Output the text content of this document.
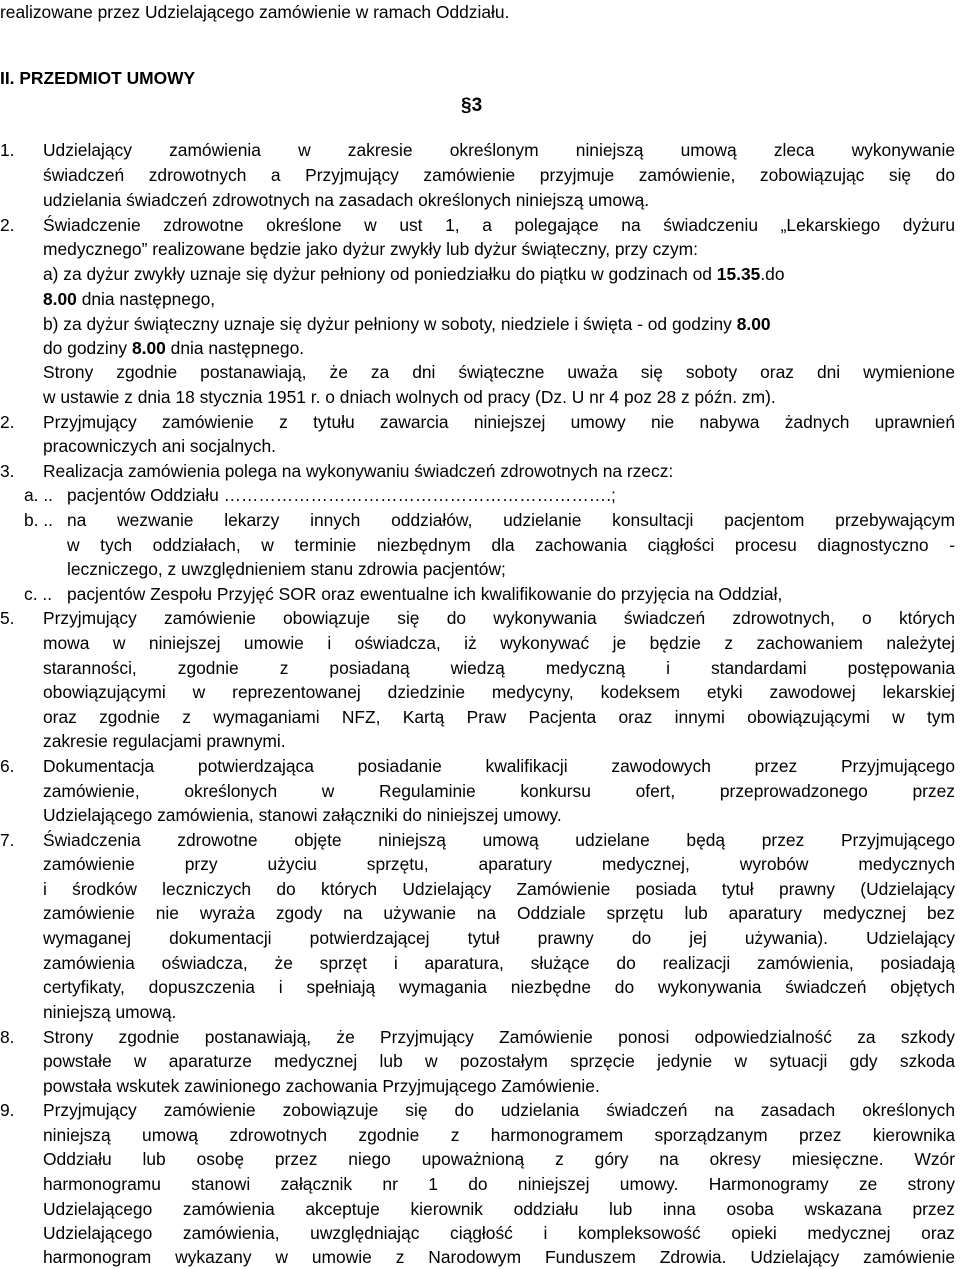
realizowane przez Udzielającego zamówienie w ramach Oddziału.
II. PRZEDMIOT UMOWY
§3
1. Udzielający zamówienia w zakresie określonym niniejszą umową zleca wykonywanie
świadczeń zdrowotnych a Przyjmujący zamówienie przyjmuje zamówienie, zobowiązując się do
udzielania świadczeń zdrowotnych na zasadach określonych niniejszą umową.
2. Świadczenie zdrowotne określone w ust 1, a polegające na świadczeniu „Lekarskiego dyżuru
medycznego” realizowane będzie jako dyżur zwykły lub dyżur świąteczny, przy czym:
a) za dyżur zwykły uznaje się dyżur pełniony od poniedziałku do piątku w godzinach od 15.35.do
8.00 dnia następnego,
b) za dyżur świąteczny uznaje się dyżur pełniony w soboty, niedziele i święta - od godziny 8.00
do godziny 8.00 dnia następnego.
Strony zgodnie postanawiają, że za dni świąteczne uważa się soboty oraz dni wymienione
w ustawie z dnia 18 stycznia 1951 r. o dniach wolnych od pracy (Dz. U nr 4 poz 28 z późn. zm).
2. Przyjmujący zamówienie z tytułu zawarcia niniejszej umowy nie nabywa żadnych uprawnień
pracowniczych ani socjalnych.
3. Realizacja zamówienia polega na wykonywaniu świadczeń zdrowotnych na rzecz:
a. .. pacjentów Oddziału ………………………………………………………….;
b. .. na wezwanie lekarzy innych oddziałów, udzielanie konsultacji pacjentom przebywającym
w tych oddziałach, w terminie niezbędnym dla zachowania ciągłości procesu diagnostyczno -
leczniczego, z uwzględnieniem stanu zdrowia pacjentów;
c. .. pacjentów Zespołu Przyjęć SOR oraz ewentualne ich kwalifikowanie do przyjęcia na Oddział,
5. Przyjmujący zamówienie obowiązuje się do wykonywania świadczeń zdrowotnych, o których
mowa w niniejszej umowie i oświadcza, iż wykonywać je będzie z zachowaniem należytej
staranności, zgodnie z posiadaną wiedzą medyczną i standardami postępowania
obowiązującymi w reprezentowanej dziedzinie medycyny, kodeksem etyki zawodowej lekarskiej
oraz zgodnie z wymaganiami NFZ, Kartą Praw Pacjenta oraz innymi obowiązującymi w tym
zakresie regulacjami prawnymi.
6. Dokumentacja potwierdzająca posiadanie kwalifikacji zawodowych przez Przyjmującego
zamówienie, określonych w Regulaminie konkursu ofert, przeprowadzonego przez
Udzielającego zamówienia, stanowi załączniki do niniejszej umowy.
7. Świadczenia zdrowotne objęte niniejszą umową udzielane będą przez Przyjmującego
zamówienie przy użyciu sprzętu, aparatury medycznej, wyrobów medycznych
i środków leczniczych do których Udzielający Zamówienie posiada tytuł prawny (Udzielający
zamówienie nie wyraża zgody na używanie na Oddziale sprzętu lub aparatury medycznej bez
wymaganej dokumentacji potwierdzającej tytuł prawny do jej używania). Udzielający
zamówienia oświadcza, że sprzęt i aparatura, służące do realizacji zamówienia, posiadają
certyfikaty, dopuszczenia i spełniają wymagania niezbędne do wykonywania świadczeń objętych
niniejszą umową.
8. Strony zgodnie postanawiają, że Przyjmujący Zamówienie ponosi odpowiedzialność za szkody
powstałe w aparaturze medycznej lub w pozostałym sprzęcie jedynie w sytuacji gdy szkoda
powstała wskutek zawinionego zachowania Przyjmującego Zamówienie.
9. Przyjmujący zamówienie zobowiązuje się do udzielania świadczeń na zasadach określonych
niniejszą umową zdrowotnych zgodnie z harmonogramem sporządzanym przez kierownika
Oddziału lub osobę przez niego upoważnioną z góry na okresy miesięczne. Wzór
harmonogramu stanowi załącznik nr 1 do niniejszej umowy. Harmonogramy ze strony
Udzielającego zamówienia akceptuje kierownik oddziału lub inna osoba wskazana przez
Udzielającego zamówienia, uwzględniając ciągłość i kompleksowość opieki medycznej oraz
harmonogram wykazany w umowie z Narodowym Funduszem Zdrowia. Udzielający zamówienie
